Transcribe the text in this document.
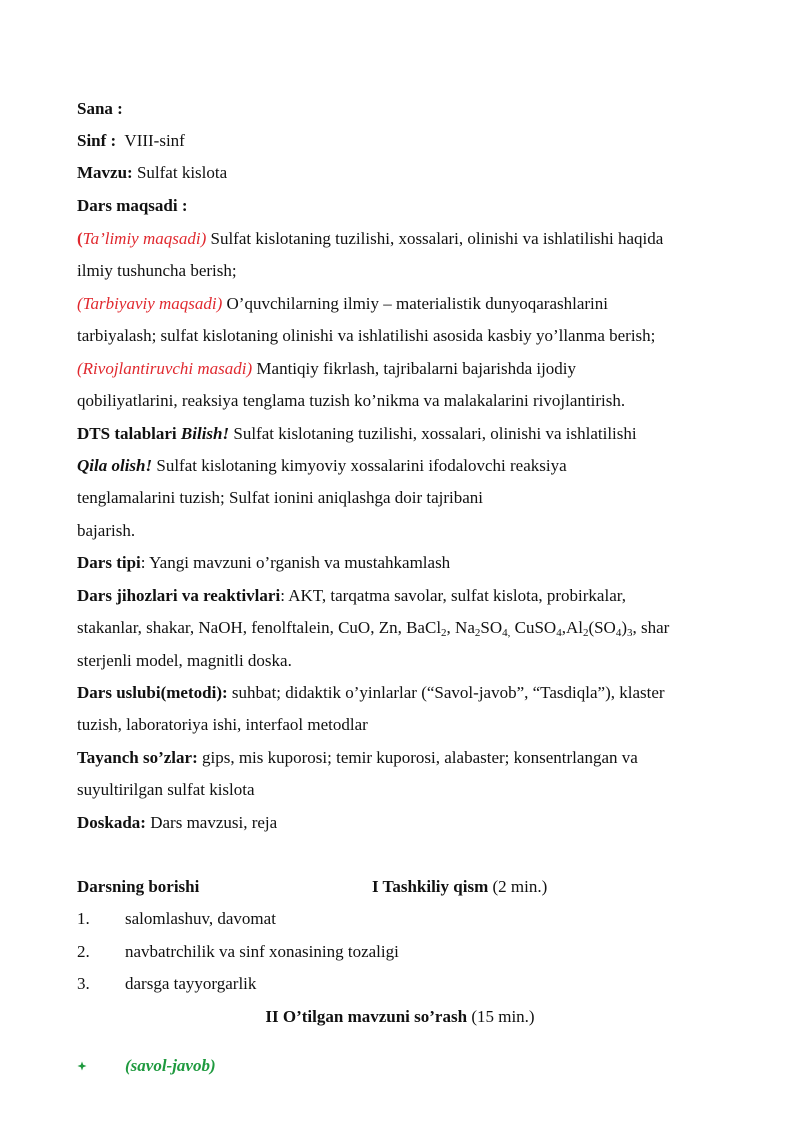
Sana :
Sinf : VIII-sinf
Mavzu: Sulfat kislota
Dars maqsadi :
(Ta’limiy maqsadi) Sulfat kislotaning tuzilishi, xossalari, olinishi va ishlatilishi haqida
ilmiy tushuncha berish;
(Tarbiyaviy maqsadi) O’quvchilarning ilmiy – materialistik dunyoqarashlarini
tarbiyalash; sulfat kislotaning olinishi va ishlatilishi asosida kasbiy yo’llanma berish;
(Rivojlantiruvchi masadi) Mantiqiy fikrlash, tajribalarni bajarishda ijodiy
qobiliyatlarini, reaksiya tenglama tuzish ko’nikma va malakalarini rivojlantirish.
DTS talablari Bilish! Sulfat kislotaning tuzilishi, xossalari, olinishi va ishlatilishi
Qila olish! Sulfat kislotaning kimyoviy xossalarini ifodalovchi reaksiya
tenglamalarini tuzish; Sulfat ionini aniqlashga doir tajribani
bajarish.
Dars tipi: Yangi mavzuni o’rganish va mustahkamlash
Dars jihozlari va reaktivlari: AKT, tarqatma savolar, sulfat kislota, probirkalar,
stakanlar, shakar, NaOH, fenolftalein, CuO, Zn, BaCl$_2$, $Na_2SO_{4,}$ $CuSO_4,Al_2(SO_4)_3$, shar
sterjenli model, magnitli doska.
Dars uslubi(metodi): suhbat; didaktik o’yinlarlar (“Savol-javob”, “Tasdiqla”), klaster
tuzish, laboratoriya ishi, interfaol metodlar
Tayanch so’zlar: gips, mis kuporosi; temir kuporosi, alabaster; konsentrlangan va
suyultirilgan sulfat kislota
Doskada: Dars mavzusi, reja
Darsning borishi	I Tashkiliy qism (2 min.)
1. salomlashuv, davomat
2. navbatrchilik va sinf xonasining tozaligi
3. darsga tayyorgarlik
II O’tilgan mavzuni so’rash (15 min.)
(savol-javob)
